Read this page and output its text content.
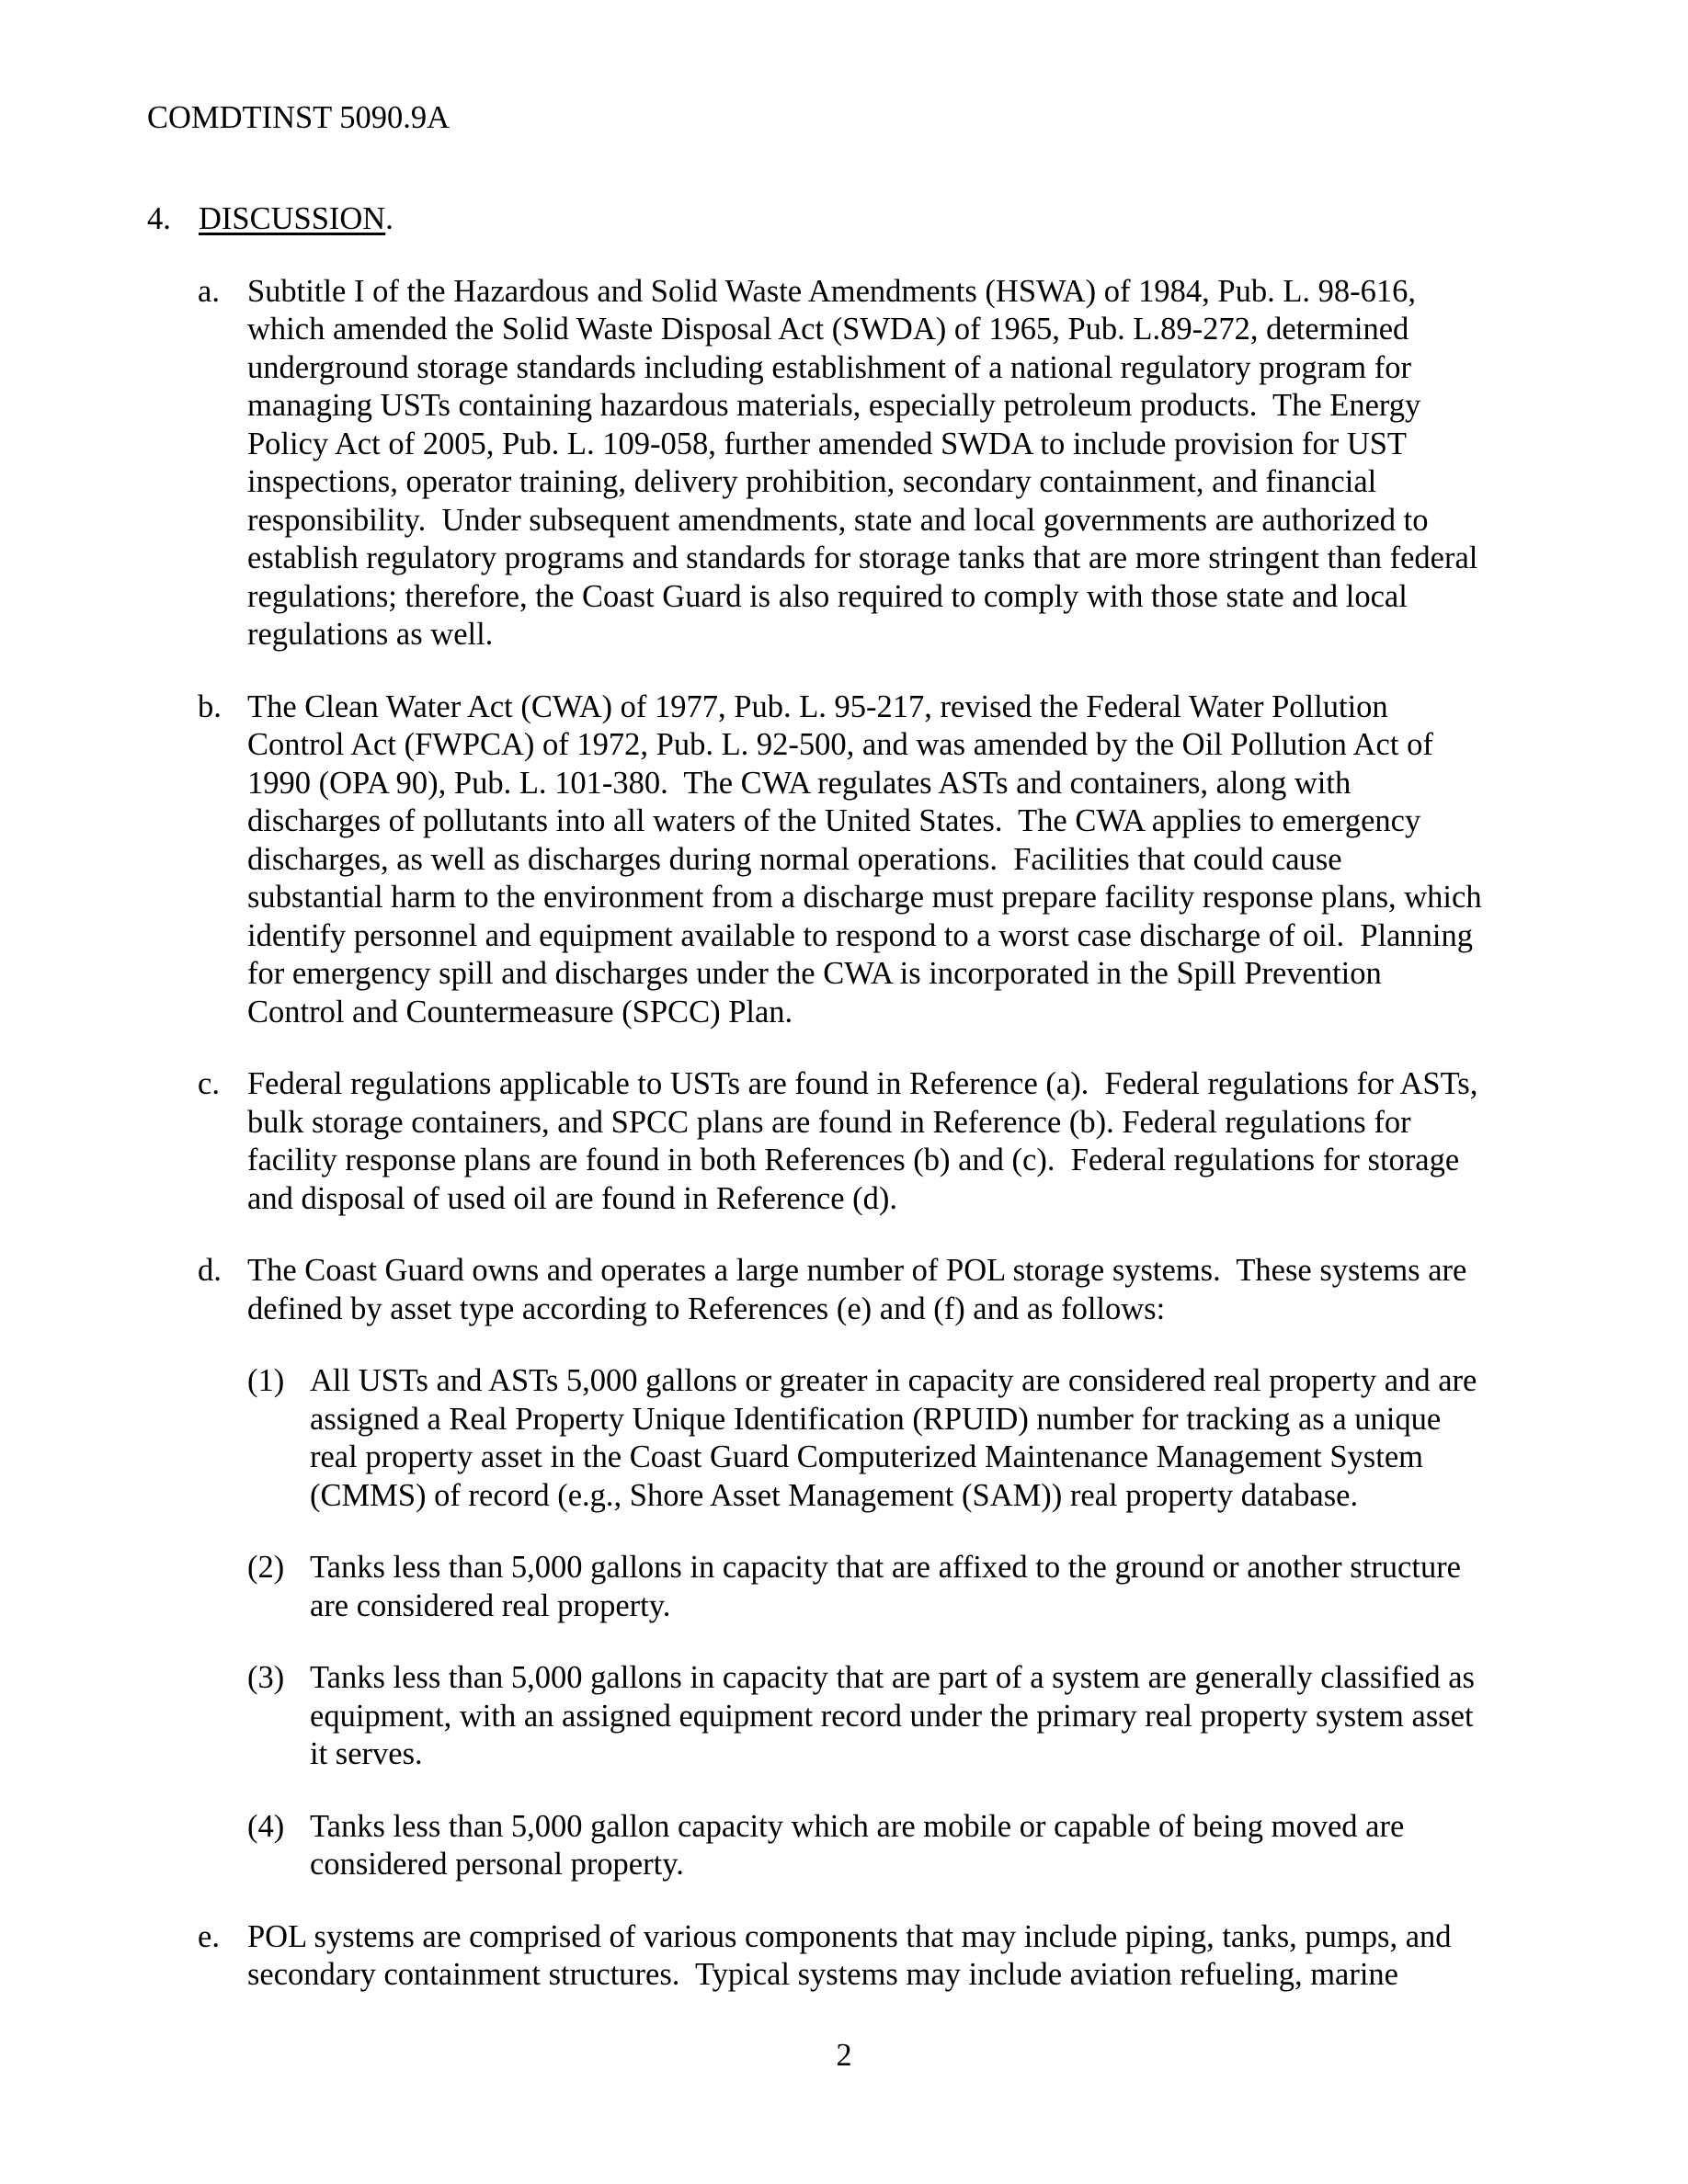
COMDTINST 5090.9A
4. DISCUSSION.
a. Subtitle I of the Hazardous and Solid Waste Amendments (HSWA) of 1984, Pub. L. 98-616,
which amended the Solid Waste Disposal Act (SWDA) of 1965, Pub. L.89-272, determined
underground storage standards including establishment of a national regulatory program for
managing USTs containing hazardous materials, especially petroleum products.  The Energy
Policy Act of 2005, Pub. L. 109-058, further amended SWDA to include provision for UST
inspections, operator training, delivery prohibition, secondary containment, and financial
responsibility.  Under subsequent amendments, state and local governments are authorized to
establish regulatory programs and standards for storage tanks that are more stringent than federal
regulations; therefore, the Coast Guard is also required to comply with those state and local
regulations as well.
b. The Clean Water Act (CWA) of 1977, Pub. L. 95-217, revised the Federal Water Pollution
Control Act (FWPCA) of 1972, Pub. L. 92-500, and was amended by the Oil Pollution Act of
1990 (OPA 90), Pub. L. 101-380.  The CWA regulates ASTs and containers, along with
discharges of pollutants into all waters of the United States.  The CWA applies to emergency
discharges, as well as discharges during normal operations.  Facilities that could cause
substantial harm to the environment from a discharge must prepare facility response plans, which
identify personnel and equipment available to respond to a worst case discharge of oil.  Planning
for emergency spill and discharges under the CWA is incorporated in the Spill Prevention
Control and Countermeasure (SPCC) Plan.
c. Federal regulations applicable to USTs are found in Reference (a).  Federal regulations for ASTs,
bulk storage containers, and SPCC plans are found in Reference (b). Federal regulations for
facility response plans are found in both References (b) and (c).  Federal regulations for storage
and disposal of used oil are found in Reference (d).
d. The Coast Guard owns and operates a large number of POL storage systems.  These systems are
defined by asset type according to References (e) and (f) and as follows:
(1) All USTs and ASTs 5,000 gallons or greater in capacity are considered real property and are
assigned a Real Property Unique Identification (RPUID) number for tracking as a unique
real property asset in the Coast Guard Computerized Maintenance Management System
(CMMS) of record (e.g., Shore Asset Management (SAM)) real property database.
(2) Tanks less than 5,000 gallons in capacity that are affixed to the ground or another structure
are considered real property.
(3) Tanks less than 5,000 gallons in capacity that are part of a system are generally classified as
equipment, with an assigned equipment record under the primary real property system asset
it serves.
(4) Tanks less than 5,000 gallon capacity which are mobile or capable of being moved are
considered personal property.
e. POL systems are comprised of various components that may include piping, tanks, pumps, and
secondary containment structures.  Typical systems may include aviation refueling, marine
2
